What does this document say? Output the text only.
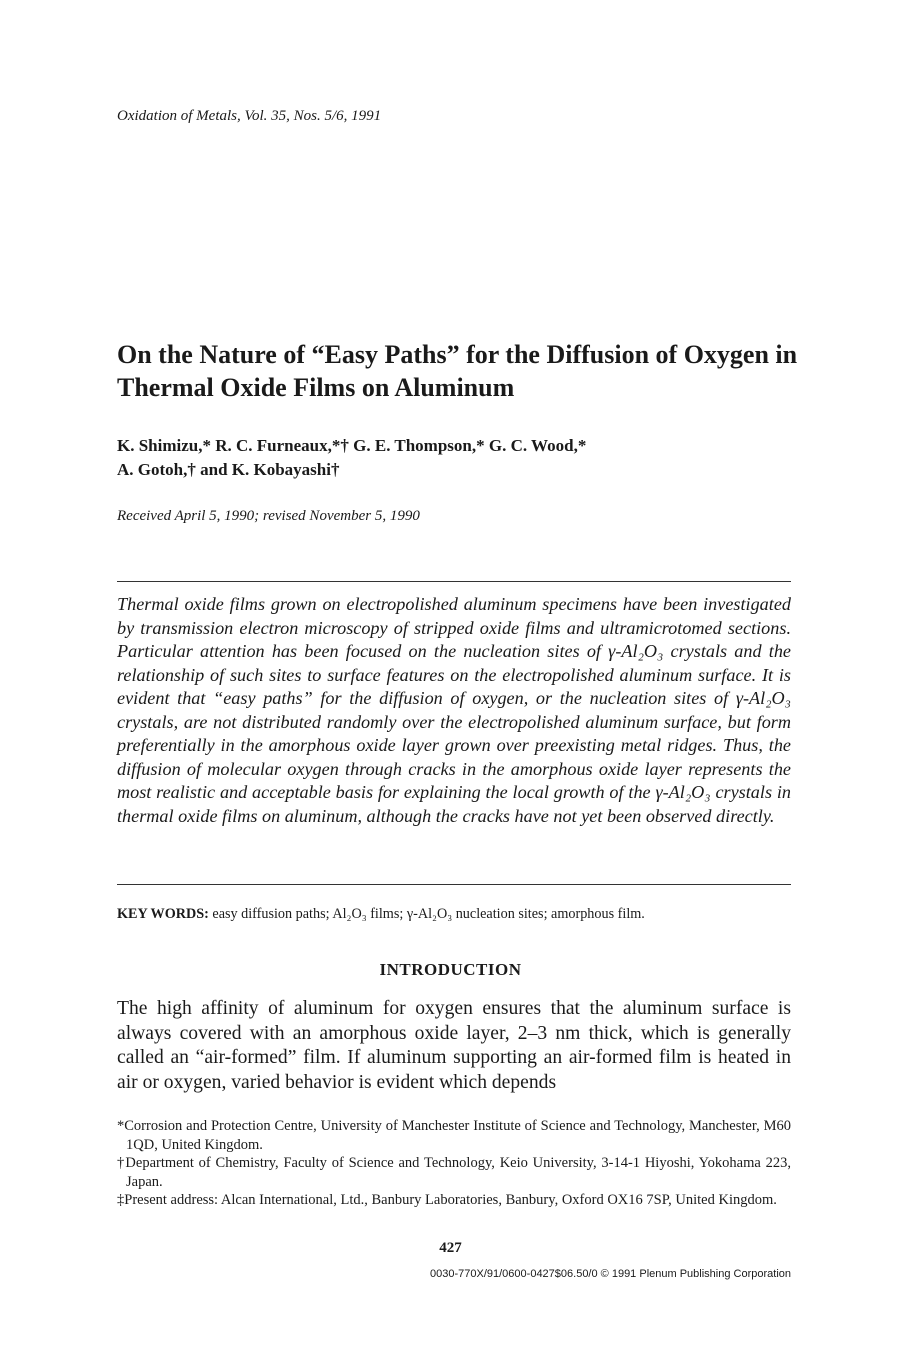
Oxidation of Metals, Vol. 35, Nos. 5/6, 1991
On the Nature of “Easy Paths” for the Diffusion of Oxygen in Thermal Oxide Films on Aluminum
K. Shimizu,* R. C. Furneaux,*† G. E. Thompson,* G. C. Wood,*
A. Gotoh,† and K. Kobayashi†
Received April 5, 1990; revised November 5, 1990
Thermal oxide films grown on electropolished aluminum specimens have been investigated by transmission electron microscopy of stripped oxide films and ultramicrotomed sections. Particular attention has been focused on the nucleation sites of γ-Al₂O₃ crystals and the relationship of such sites to surface features on the electropolished aluminum surface. It is evident that “easy paths” for the diffusion of oxygen, or the nucleation sites of γ-Al₂O₃ crystals, are not distributed randomly over the electropolished aluminum surface, but form preferentially in the amorphous oxide layer grown over preexisting metal ridges. Thus, the diffusion of molecular oxygen through cracks in the amorphous oxide layer represents the most realistic and acceptable basis for explaining the local growth of the γ-Al₂O₃ crystals in thermal oxide films on aluminum, although the cracks have not yet been observed directly.
KEY WORDS: easy diffusion paths; Al₂O₃ films; γ-Al₂O₃ nucleation sites; amorphous film.
INTRODUCTION
The high affinity of aluminum for oxygen ensures that the aluminum surface is always covered with an amorphous oxide layer, 2–3 nm thick, which is generally called an “air-formed” film. If aluminum supporting an air-formed film is heated in air or oxygen, varied behavior is evident which depends
*Corrosion and Protection Centre, University of Manchester Institute of Science and Technology, Manchester, M60 1QD, United Kingdom.
†Department of Chemistry, Faculty of Science and Technology, Keio University, 3-14-1 Hiyoshi, Yokohama 223, Japan.
‡Present address: Alcan International, Ltd., Banbury Laboratories, Banbury, Oxford OX16 7SP, United Kingdom.
427
0030-770X/91/0600-0427$06.50/0 © 1991 Plenum Publishing Corporation
